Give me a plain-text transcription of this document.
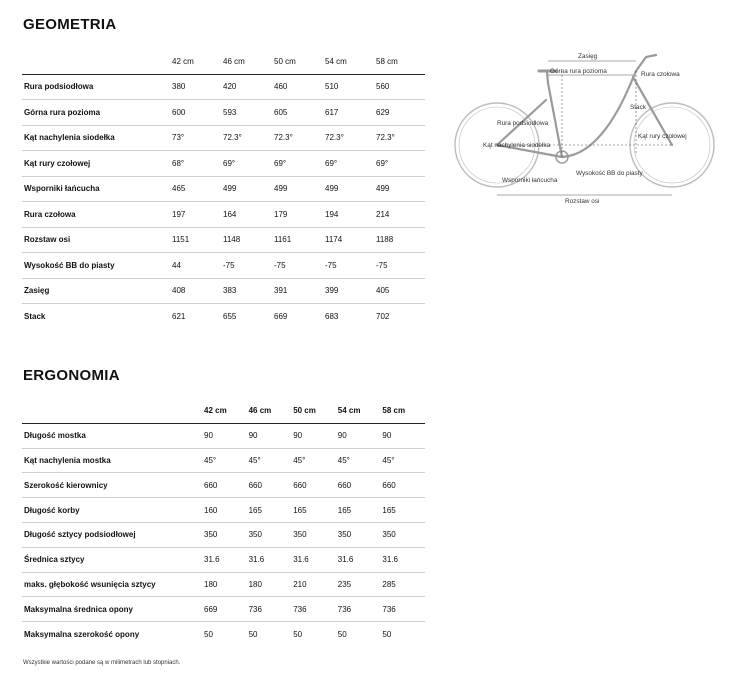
GEOMETRIA
	42 cm	46 cm	50 cm	54 cm	58 cm
Rura podsiodłowa	380	420	460	510	560
Górna rura pozioma	600	593	605	617	629
Kąt nachylenia siodełka	73°	72.3°	72.3°	72.3°	72.3°
Kąt rury czołowej	68°	69°	69°	69°	69°
Wsporniki łańcucha	465	499	499	499	499
Rura czołowa	197	164	179	194	214
Rozstaw osi	1151	1148	1161	1174	1188
Wysokość BB do piasty	44	-75	-75	-75	-75
Zasięg	408	383	391	399	405
Stack	621	655	669	683	702
Zasięg
Górna rura pozioma	Rura czołowa
Stack
Rura podsiodłowa
Kąt rury czołowej
Kąt nachylenia siodełka
Wysokość BB do piasty
Wsporniki łańcucha
Rozstaw osi
ERGONOMIA
	42 cm	46 cm	50 cm	54 cm	58 cm
Długość mostka	90	90	90	90	90
Kąt nachylenia mostka	45°	45°	45°	45°	45°
Szerokość kierownicy	660	660	660	660	660
Długość korby	160	165	165	165	165
Długość sztycy podsiodłowej	350	350	350	350	350
Średnica sztycy	31.6	31.6	31.6	31.6	31.6
maks. głębokość wsunięcia sztycy	180	180	210	235	285
Maksymalna średnica opony	669	736	736	736	736
Maksymalna szerokość opony	50	50	50	50	50
Wszystkie wartości podane są w milimetrach lub stopniach.
